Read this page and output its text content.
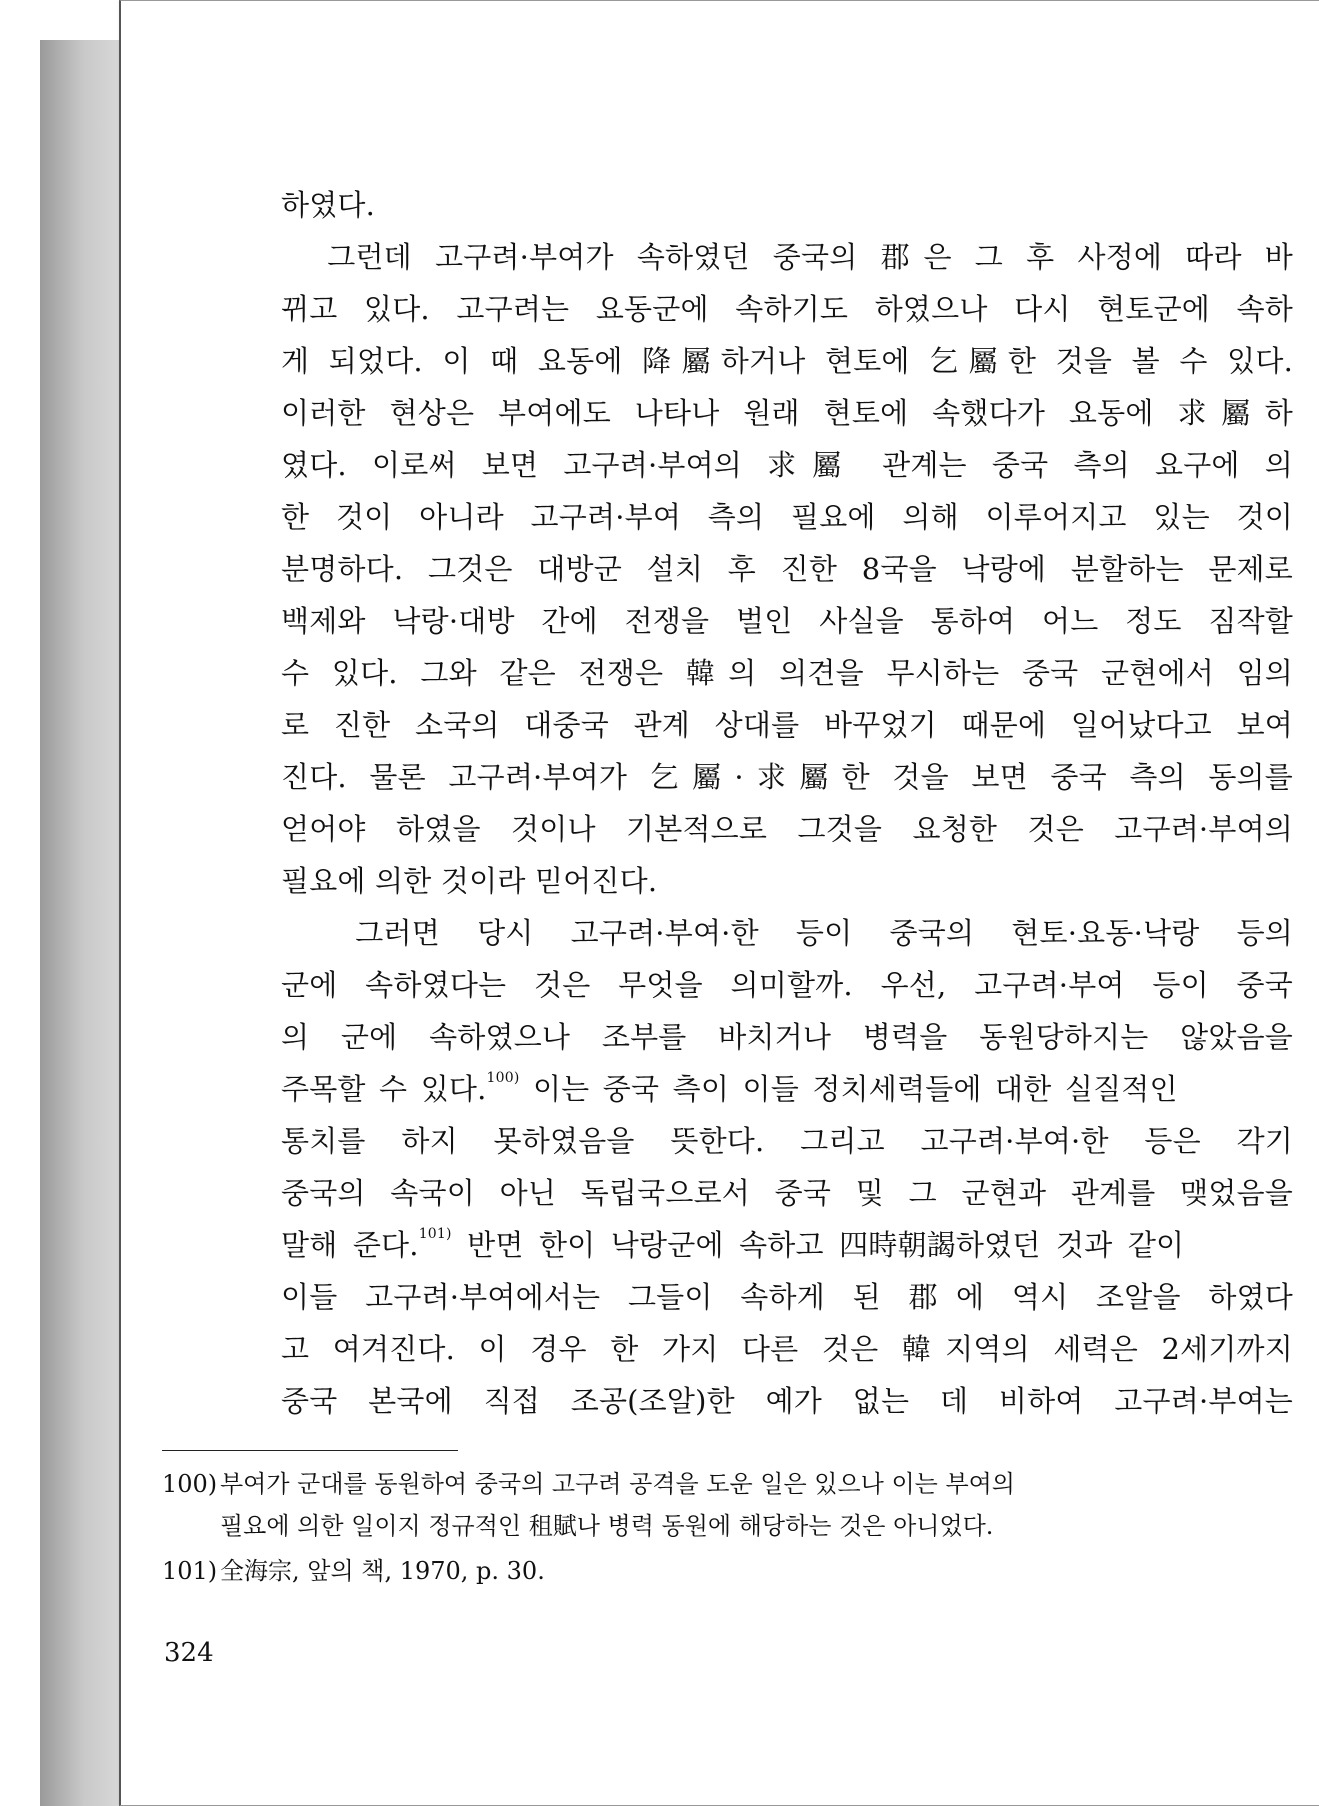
하였다.
그런데 고구려·부여가 속하였던 중국의 郡은 그 후 사정에 따라 바
뀌고 있다. 고구려는 요동군에 속하기도 하였으나 다시 현토군에 속하
게 되었다. 이 때 요동에 降屬하거나 현토에 乞屬한 것을 볼 수 있다.
이러한 현상은 부여에도 나타나 원래 현토에 속했다가 요동에 求屬하
였다. 이로써 보면 고구려·부여의 求屬 관계는 중국 측의 요구에 의
한 것이 아니라 고구려·부여 측의 필요에 의해 이루어지고 있는 것이
분명하다. 그것은 대방군 설치 후 진한 8국을 낙랑에 분할하는 문제로
백제와 낙랑·대방 간에 전쟁을 벌인 사실을 통하여 어느 정도 짐작할
수 있다. 그와 같은 전쟁은 韓의 의견을 무시하는 중국 군현에서 임의
로 진한 소국의 대중국 관계 상대를 바꾸었기 때문에 일어났다고 보여
진다. 물론 고구려·부여가 乞屬·求屬한 것을 보면 중국 측의 동의를
얻어야 하였을 것이나 기본적으로 그것을 요청한 것은 고구려·부여의
필요에 의한 것이라 믿어진다.
그러면 당시 고구려·부여·한 등이 중국의 현토·요동·낙랑 등의
군에 속하였다는 것은 무엇을 의미할까. 우선, 고구려·부여 등이 중국
의 군에 속하였으나 조부를 바치거나 병력을 동원당하지는 않았음을
주목할 수 있다.$^{100)}$ 이는 중국 측이 이들 정치세력들에 대한 실질적인
통치를 하지 못하였음을 뜻한다. 그리고 고구려·부여·한 등은 각기
중국의 속국이 아닌 독립국으로서 중국 및 그 군현과 관계를 맺었음을
말해 준다.$^{101)}$ 반면 한이 낙랑군에 속하고 四時朝謁하였던 것과 같이
이들 고구려·부여에서는 그들이 속하게 된 郡에 역시 조알을 하였다
고 여겨진다. 이 경우 한 가지 다른 것은 韓지역의 세력은 2세기까지
중국 본국에 직접 조공(조알)한 예가 없는 데 비하여 고구려·부여는
100) 부여가 군대를 동원하여 중국의 고구려 공격을 도운 일은 있으나 이는 부여의
필요에 의한 일이지 정규적인 租賦나 병력 동원에 해당하는 것은 아니었다.
101) 全海宗, 앞의 책, 1970, p. 30.
324
